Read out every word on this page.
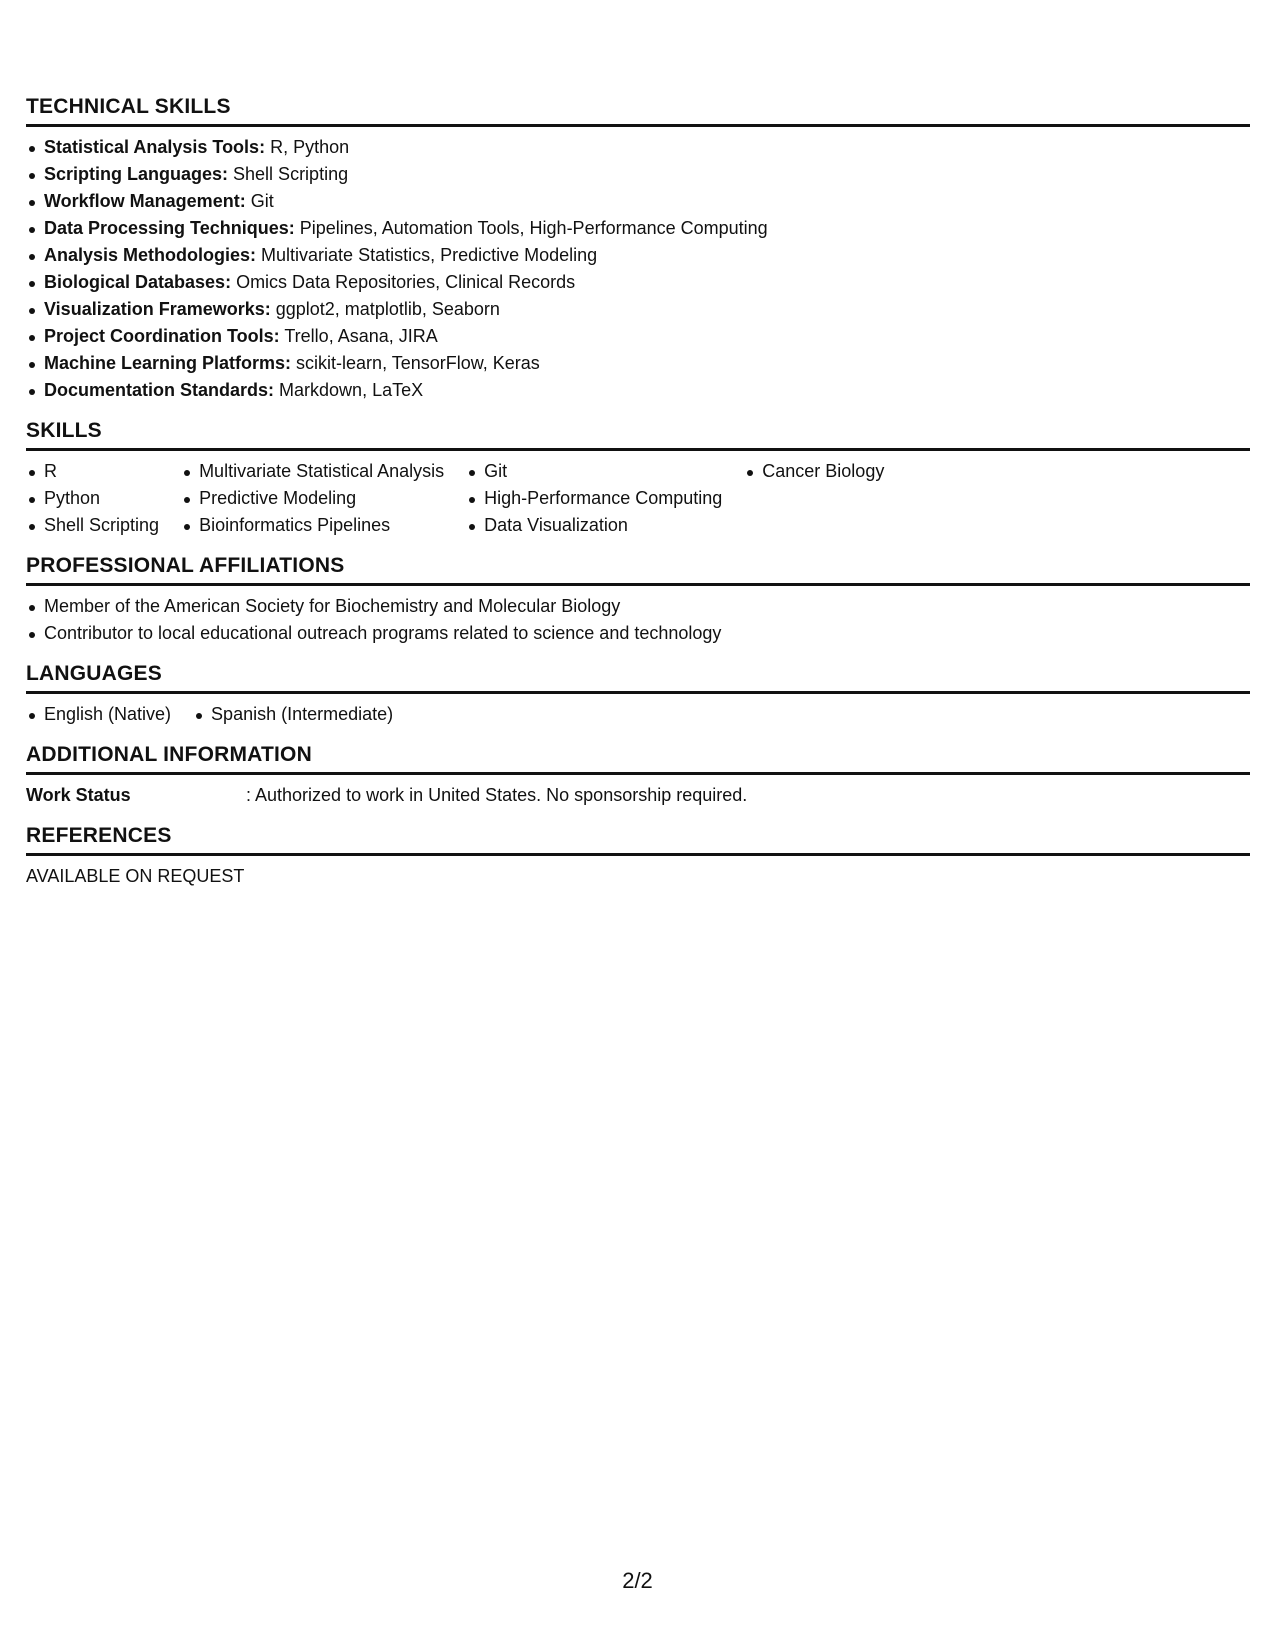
TECHNICAL SKILLS
Statistical Analysis Tools: R, Python
Scripting Languages: Shell Scripting
Workflow Management: Git
Data Processing Techniques: Pipelines, Automation Tools, High-Performance Computing
Analysis Methodologies: Multivariate Statistics, Predictive Modeling
Biological Databases: Omics Data Repositories, Clinical Records
Visualization Frameworks: ggplot2, matplotlib, Seaborn
Project Coordination Tools: Trello, Asana, JIRA
Machine Learning Platforms: scikit-learn, TensorFlow, Keras
Documentation Standards: Markdown, LaTeX
SKILLS
R
Python
Shell Scripting
Multivariate Statistical Analysis
Predictive Modeling
Bioinformatics Pipelines
Git
High-Performance Computing
Data Visualization
Cancer Biology
PROFESSIONAL AFFILIATIONS
Member of the American Society for Biochemistry and Molecular Biology
Contributor to local educational outreach programs related to science and technology
LANGUAGES
English (Native)	Spanish (Intermediate)
ADDITIONAL INFORMATION
Work Status	: Authorized to work in United States. No sponsorship required.
REFERENCES
AVAILABLE ON REQUEST
2/2
